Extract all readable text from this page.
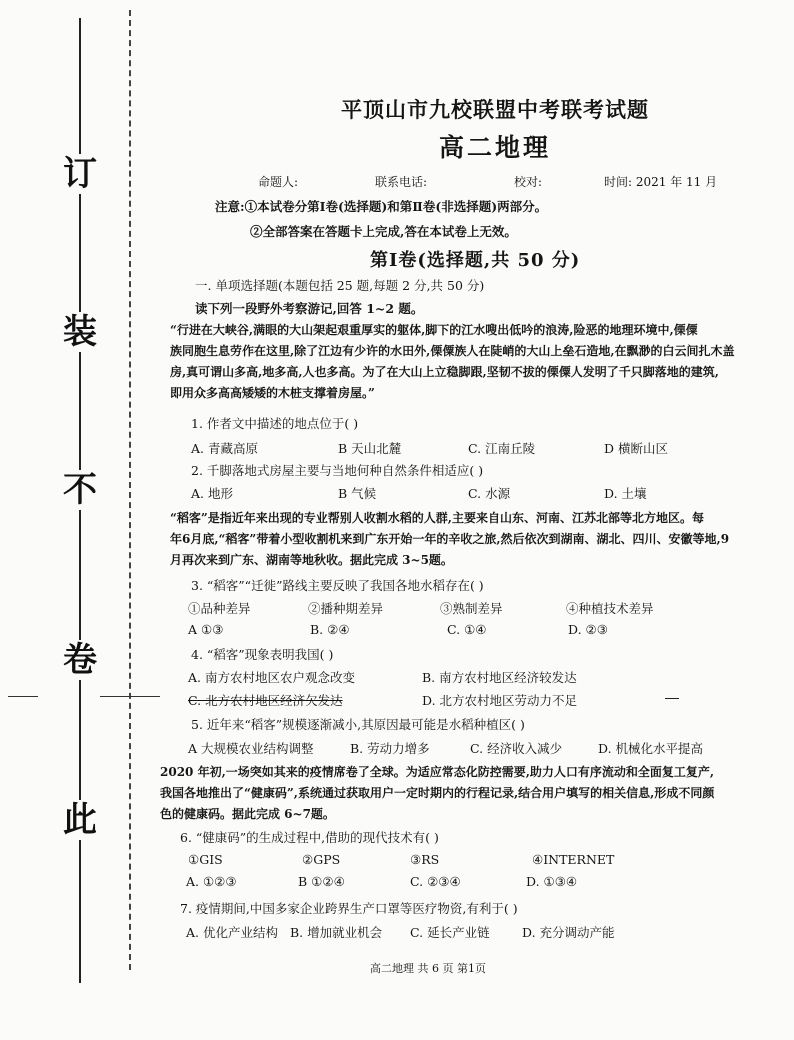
订
装
不
卷
此
平顶山市九校联盟中考联考试题
高二地理
命题人:	联系电话:	校对:	时间: 2021 年 11 月
注意:①本试卷分第Ⅰ卷(选择题)和第Ⅱ卷(非选择题)两部分。
②全部答案在答题卡上完成,答在本试卷上无效。
第Ⅰ卷(选择题,共 50 分)
一. 单项选择题(本题包括 25 题,每题 2 分,共 50 分)
读下列一段野外考察游记,回答 1~2 题。
“行进在大峡谷,满眼的大山架起艰重厚实的躯体,脚下的江水嗖出低吟的浪涛,险恶的地理环境中,傈僳
族同胞生息劳作在这里,除了江边有少许的水田外,傈僳族人在陡峭的大山上垒石造地,在飘渺的白云间扎木盖
房,真可谓山多高,地多高,人也多高。为了在大山上立稳脚跟,坚韧不拔的傈僳人发明了千只脚落地的建筑,
即用众多高高矮矮的木桩支撑着房屋。”
1. 作者文中描述的地点位于( )
A. 青藏高原	B 天山北麓	C. 江南丘陵	D 横断山区
2. 千脚落地式房屋主要与当地何种自然条件相适应( )
A. 地形	B 气候	C. 水源	D. 土壤
“稻客”是指近年来出现的专业帮别人收割水稻的人群,主要来自山东、河南、江苏北部等北方地区。每
年6月底,“稻客”带着小型收割机来到广东开始一年的辛收之旅,然后依次到湖南、湖北、四川、安徽等地,9
月再次来到广东、湖南等地秋收。据此完成 3~5题。
3. “稻客”“迁徙”路线主要反映了我国各地水稻存在( )
①品种差异	②播种期差异	③熟制差异	④种植技术差异
A ①③	B. ②④	C. ①④	D. ②③
4. “稻客”现象表明我国( )
A. 南方农村地区农户观念改变	B. 南方农村地区经济较发达
C. 北方农村地区经济欠发达	D. 北方农村地区劳动力不足
5. 近年来“稻客”规模逐渐减小,其原因最可能是水稻种植区( )
A 大规模农业结构调整	B. 劳动力增多	C. 经济收入减少	D. 机械化水平提高
2020 年初,一场突如其来的疫情席卷了全球。为适应常态化防控需要,助力人口有序流动和全面复工复产,
我国各地推出了“健康码”,系统通过获取用户一定时期内的行程记录,结合用户填写的相关信息,形成不同颜
色的健康码。据此完成 6~7题。
6. “健康码”的生成过程中,借助的现代技术有( )
①GIS	②GPS	③RS	④INTERNET
A. ①②③	B ①②④	C. ②③④	D. ①③④
7. 疫情期间,中国多家企业跨界生产口罩等医疗物资,有利于( )
A. 优化产业结构 B. 增加就业机会 C. 延长产业链	D. 充分调动产能
高二地理 共 6 页 第1页
